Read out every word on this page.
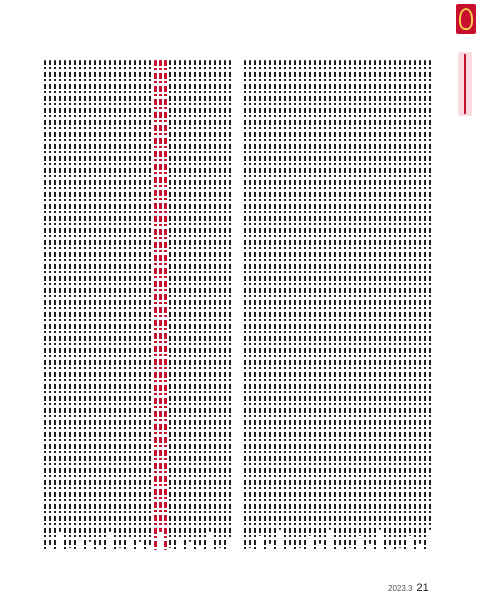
2023.3 21
